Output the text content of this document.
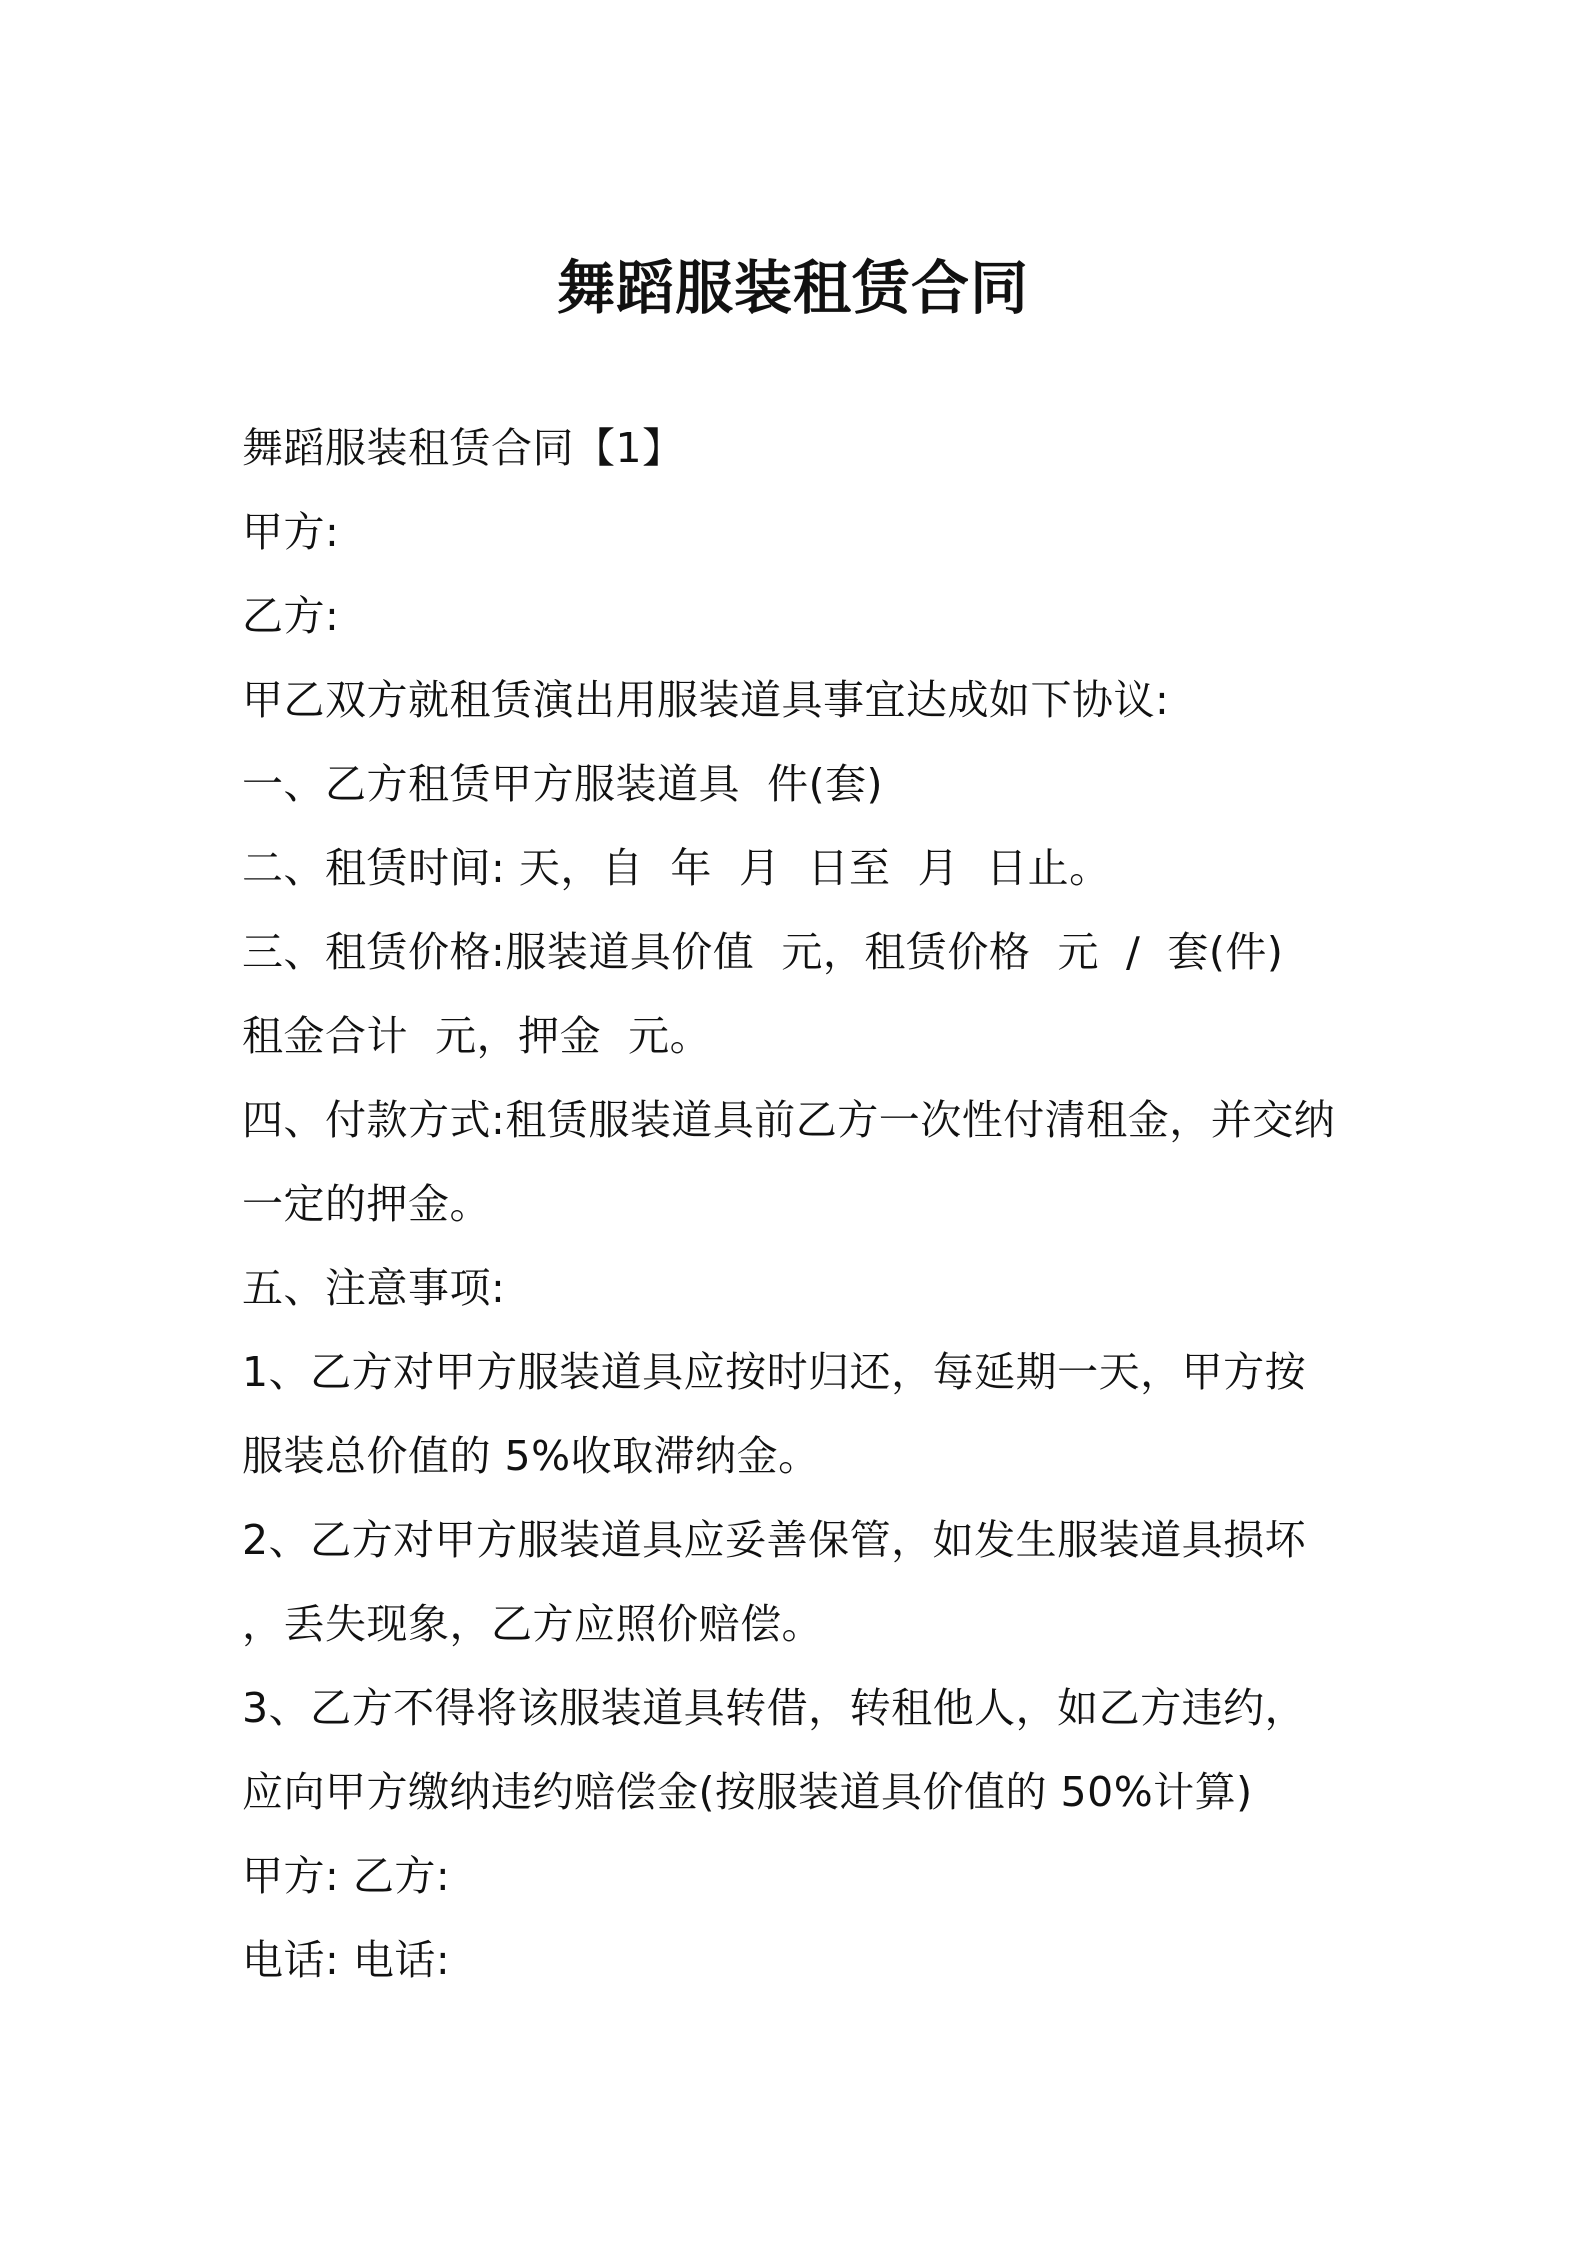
舞蹈服装租赁合同
舞蹈服装租赁合同【1】
甲方:
乙方:
甲乙双方就租赁演出用服装道具事宜达成如下协议:
一、乙方租赁甲方服装道具  件(套)
二、租赁时间: 天，自  年  月  日至  月  日止。
三、租赁价格:服装道具价值  元，租赁价格  元  /  套(件)
租金合计  元，押金  元。
四、付款方式:租赁服装道具前乙方一次性付清租金，并交纳
一定的押金。
五、注意事项:
1、乙方对甲方服装道具应按时归还，每延期一天，甲方按
服装总价值的 5%收取滞纳金。
2、乙方对甲方服装道具应妥善保管，如发生服装道具损坏
，丢失现象，乙方应照价赔偿。
3、乙方不得将该服装道具转借，转租他人，如乙方违约，
应向甲方缴纳违约赔偿金(按服装道具价值的 50%计算)
甲方: 乙方:
电话: 电话:
